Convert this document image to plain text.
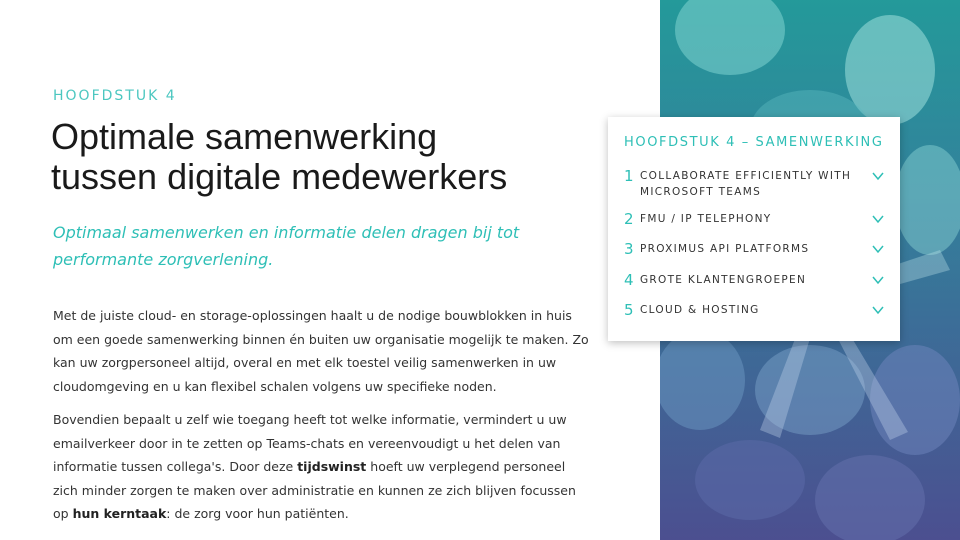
HOOFDSTUK 4
Optimale samenwerking
tussen digitale medewerkers
Optimaal samenwerken en informatie delen dragen bij tot performante zorgverlening.
Met de juiste cloud- en storage-oplossingen haalt u de nodige bouwblokken in huis om een goede samenwerking binnen én buiten uw organisatie mogelijk te maken. Zo kan uw zorgpersoneel altijd, overal en met elk toestel veilig samenwerken in uw cloudomgeving en u kan flexibel schalen volgens uw specifieke noden.
Bovendien bepaalt u zelf wie toegang heeft tot welke informatie, vermindert u uw emailverkeer door in te zetten op Teams-chats en vereenvoudigt u het delen van informatie tussen collega's. Door deze tijdswinst hoeft uw verplegend personeel zich minder zorgen te maken over administratie en kunnen ze zich blijven focussen op hun kerntaak: de zorg voor hun patiënten.
HOOFDSTUK 4 – SAMENWERKING
1 COLLABORATE EFFICIENTLY WITH MICROSOFT TEAMS
2 FMU / IP TELEPHONY
3 PROXIMUS API PLATFORMS
4 GROTE KLANTENGROEPEN
5 CLOUD & HOSTING
